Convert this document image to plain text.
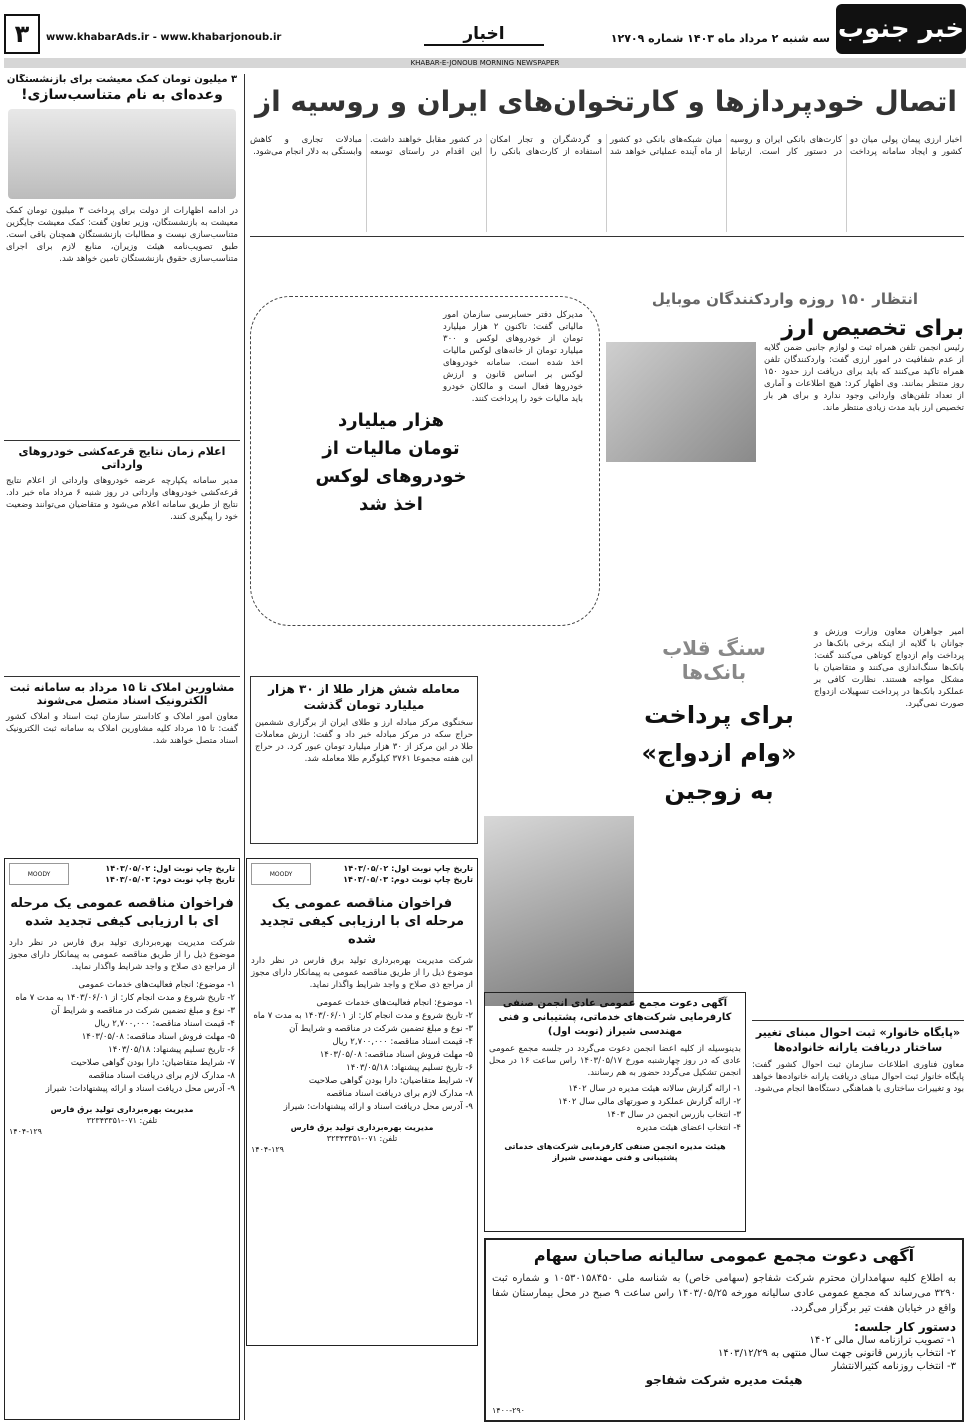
خبر جنوب
سه شنبه ۲ مرداد ماه ۱۴۰۳ شماره ۱۲۷۰۹
اخبار
www.khabarAds.ir - www.khabarjonoub.ir
۳
KHABAR-E-JONOUB MORNING NEWSPAPER
اتصال خودپردازها و کارتخوان‌های ایران و روسیه از
اخبار ارزی پیمان پولی میان دو کشور و ایجاد سامانه پرداخت کارت‌های بانکی ایران و روسیه در دستور کار است. ارتباط میان شبکه‌های بانکی دو کشور از ماه آینده عملیاتی خواهد شد و گردشگران و تجار امکان استفاده از کارت‌های بانکی را در کشور مقابل خواهند داشت. این اقدام در راستای توسعه مبادلات تجاری و کاهش وابستگی به دلار انجام می‌شود.
۳ میلیون تومان کمک معیشت برای بازنشستگان
وعده‌ای به نام متناسب‌سازی!
در ادامه اظهارات از دولت برای پرداخت ۳ میلیون تومان کمک معیشت به بازنشستگان، وزیر تعاون گفت: کمک معیشت جایگزین متناسب‌سازی نیست و مطالبات بازنشستگان همچنان باقی است. طبق تصویب‌نامه هیئت وزیران، منابع لازم برای اجرای متناسب‌سازی حقوق بازنشستگان تامین خواهد شد.
اعلام زمان نتایج قرعه‌کشی خودروهای وارداتی
مدیر سامانه یکپارچه عرضه خودروهای وارداتی از اعلام نتایج قرعه‌کشی خودروهای وارداتی در روز شنبه ۶ مرداد ماه خبر داد. نتایج از طریق سامانه اعلام می‌شود و متقاضیان می‌توانند وضعیت خود را پیگیری کنند.
مشاورین املاک تا ۱۵ مرداد به سامانه ثبت الکترونیک اسناد متصل می‌شوند
معاون امور املاک و کاداستر سازمان ثبت اسناد و املاک کشور گفت: تا ۱۵ مرداد کلیه مشاورین املاک به سامانه ثبت الکترونیک اسناد متصل خواهند شد.
انتظار ۱۵۰ روزه واردکنندگان موبایل
برای تخصیص ارز
رئیس انجمن تلفن همراه ثبت و لوازم جانبی ضمن گلایه از عدم شفافیت در امور ارزی گفت: واردکنندگان تلفن همراه تاکید می‌کنند که باید برای دریافت ارز حدود ۱۵۰ روز منتظر بمانند. وی اظهار کرد: هیچ اطلاعات و آماری از تعداد تلفن‌های وارداتی وجود ندارد و برای هر بار تخصیص ارز باید مدت زیادی منتظر ماند.
مدیرکل دفتر حسابرسی سازمان امور مالیاتی گفت: تاکنون ۲ هزار میلیارد تومان از خودروهای لوکس و ۳۰۰ میلیارد تومان از خانه‌های لوکس مالیات اخذ شده است. سامانه خودروهای لوکس بر اساس قانون و ارزش خودروها فعال است و مالکان خودرو باید مالیات خود را پرداخت کنند.
هزار میلیارد تومان مالیات از خودروهای لوکس اخذ شد
معامله شش هزار طلا از ۳۰ هزار میلیارد تومان گذشت
سخنگوی مرکز مبادله ارز و طلای ایران از برگزاری ششمین حراج سکه در مرکز مبادله خبر داد و گفت: ارزش معاملات طلا در این مرکز از ۳۰ هزار میلیارد تومان عبور کرد. در حراج این هفته مجموعا ۳۷۶۱ کیلوگرم طلا معامله شد.
سنگ قلاب بانک‌ها
برای پرداخت «وام ازدواج» به زوجین
امیر جواهران معاون وزارت ورزش و جوانان با گلایه از اینکه برخی بانک‌ها در پرداخت وام ازدواج کوتاهی می‌کنند گفت: بانک‌ها سنگ‌اندازی می‌کنند و متقاضیان با مشکل مواجه هستند. نظارت کافی بر عملکرد بانک‌ها در پرداخت تسهیلات ازدواج صورت نمی‌گیرد.
«پایگاه خانوار» ثبت احوال مبنای تغییر ساختار دریافت یارانه خانواده‌ها
معاون فناوری اطلاعات سازمان ثبت احوال کشور گفت: پایگاه خانوار ثبت احوال مبنای دریافت یارانه خانواده‌ها خواهد بود و تغییرات ساختاری با هماهنگی دستگاه‌ها انجام می‌شود.
MOODY
تاریخ چاپ نوبت اول: ۱۴۰۳/۰۵/۰۲
تاریخ چاپ نوبت دوم: ۱۴۰۳/۰۵/۰۳
فراخوان مناقصه عمومی یک مرحله ای با ارزیابی کیفی تجدید شده
شرکت مدیریت بهره‌برداری تولید برق فارس در نظر دارد موضوع ذیل را از طریق مناقصه عمومی به پیمانکار دارای مجوز از مراجع ذی صلاح و واجد شرایط واگذار نماید.
۱- موضوع: انجام فعالیت‌های خدمات عمومی
۲- تاریخ شروع و مدت انجام کار: از ۱۴۰۳/۰۶/۰۱ به مدت ۷ ماه
۳- نوع و مبلغ تضمین شرکت در مناقصه و شرایط آن
۴- قیمت اسناد مناقصه: ۲,۷۰۰,۰۰۰ ریال
۵- مهلت فروش اسناد مناقصه: ۱۴۰۳/۰۵/۰۸
۶- تاریخ تسلیم پیشنهاد: ۱۴۰۳/۰۵/۱۸
۷- شرایط متقاضیان: دارا بودن گواهی صلاحیت
۸- مدارک لازم برای دریافت اسناد مناقصه
۹- آدرس محل دریافت اسناد و ارائه پیشنهادات: شیراز
مدیریت بهره‌برداری تولید برق فارس
تلفن: ۰۷۱-۳۲۳۴۳۳۵۱
۱۴۰۴-۱۲۹
MOODY
تاریخ چاپ نوبت اول: ۱۴۰۳/۰۵/۰۲
تاریخ چاپ نوبت دوم: ۱۴۰۳/۰۵/۰۳
فراخوان مناقصه عمومی یک مرحله ای با ارزیابی کیفی تجدید شده
شرکت مدیریت بهره‌برداری تولید برق فارس در نظر دارد موضوع ذیل را از طریق مناقصه عمومی به پیمانکار دارای مجوز از مراجع ذی صلاح و واجد شرایط واگذار نماید.
۱- موضوع: انجام فعالیت‌های خدمات عمومی
۲- تاریخ شروع و مدت انجام کار: از ۱۴۰۳/۰۶/۰۱ به مدت ۷ ماه
۳- نوع و مبلغ تضمین شرکت در مناقصه و شرایط آن
۴- قیمت اسناد مناقصه: ۲,۷۰۰,۰۰۰ ریال
۵- مهلت فروش اسناد مناقصه: ۱۴۰۳/۰۵/۰۸
۶- تاریخ تسلیم پیشنهاد: ۱۴۰۳/۰۵/۱۸
۷- شرایط متقاضیان: دارا بودن گواهی صلاحیت
۸- مدارک لازم برای دریافت اسناد مناقصه
۹- آدرس محل دریافت اسناد و ارائه پیشنهادات: شیراز
مدیریت بهره‌برداری تولید برق فارس
تلفن: ۰۷۱-۳۲۳۴۳۳۵۱
۱۴۰۴-۱۲۹
آگهی دعوت مجمع عمومی عادی انجمن صنفی کارفرمایی شرکت‌های خدماتی، پشتیبانی و فنی مهندسی شیراز (نوبت اول)
بدینوسیله از کلیه اعضا انجمن دعوت می‌گردد در جلسه مجمع عمومی عادی که در روز چهارشنبه مورخ ۱۴۰۳/۰۵/۱۷ راس ساعت ۱۶ در محل انجمن تشکیل می‌گردد حضور به هم رسانند.
۱- ارائه گزارش سالانه هیئت مدیره در سال ۱۴۰۲
۲- ارائه گزارش عملکرد و صورتهای مالی سال ۱۴۰۲
۳- انتخاب بازرس انجمن در سال ۱۴۰۳
۴- انتخاب اعضای هیئت مدیره
هیئت مدیره انجمن صنفی کارفرمایی شرکت‌های خدماتی پشتیبانی و فنی مهندسی شیراز
آگهی دعوت مجمع عمومی سالیانه صاحبان سهام
به اطلاع کلیه سهامداران محترم شرکت شفاجو (سهامی خاص) به شناسه ملی ۱۰۵۳۰۱۵۸۴۵۰ و شماره ثبت ۳۲۹۰ می‌رساند که مجمع عمومی عادی سالیانه مورخه ۱۴۰۳/۰۵/۲۵ راس ساعت ۹ صبح در محل بیمارستان شفا واقع در خیابان هفت تیر برگزار می‌گردد.
دستور کار جلسه:
۱- تصویب ترازنامه سال مالی ۱۴۰۲
۲- انتخاب بازرس قانونی جهت سال منتهی به ۱۴۰۳/۱۲/۲۹
۳- انتخاب روزنامه کثیرالانتشار
هیئت مدیره شرکت شفاجو
۱۴۰۰-۲۹۰
